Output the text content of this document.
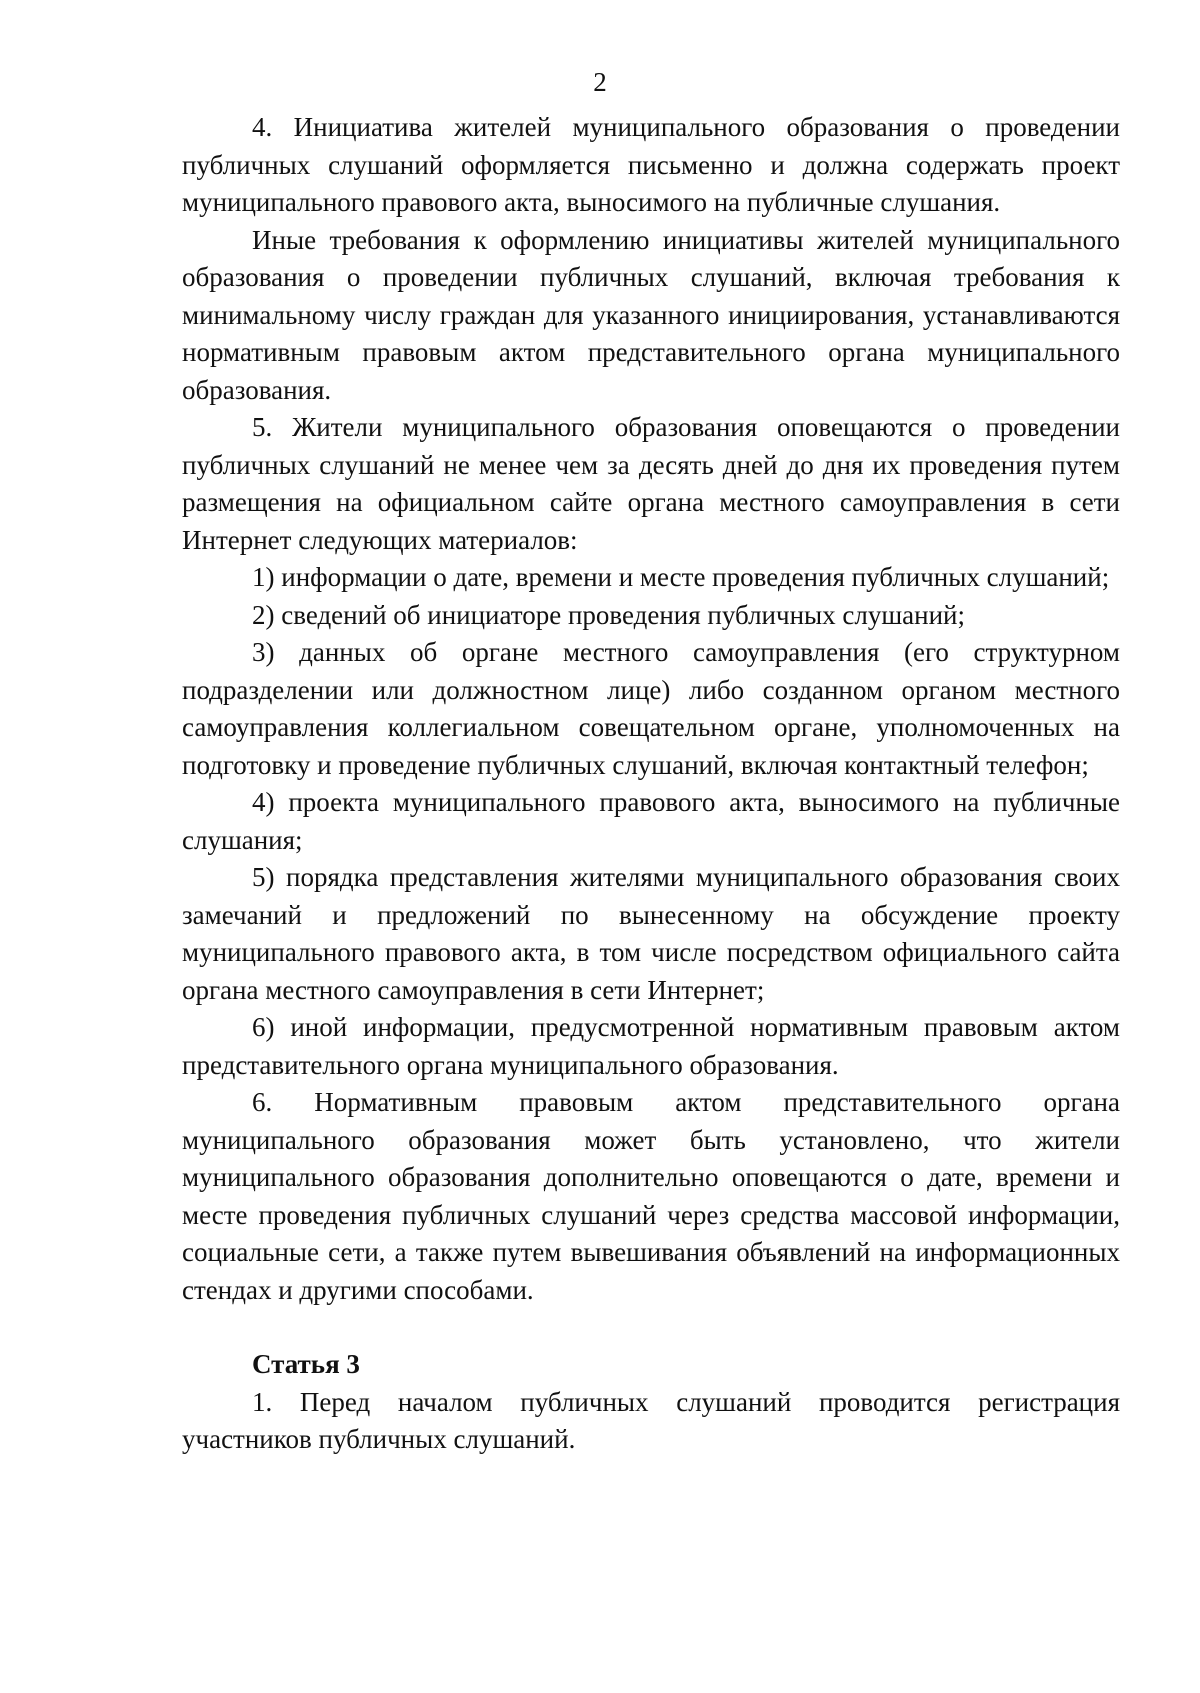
2

4. Инициатива жителей муниципального образования о проведении публичных слушаний оформляется письменно и должна содержать проект муниципального правового акта, выносимого на публичные слушания.

Иные требования к оформлению инициативы жителей муниципального образования о проведении публичных слушаний, включая требования к минимальному числу граждан для указанного инициирования, устанавливаются нормативным правовым актом представительного органа муниципального образования.

5. Жители муниципального образования оповещаются о проведении публичных слушаний не менее чем за десять дней до дня их проведения путем размещения на официальном сайте органа местного самоуправления в сети Интернет следующих материалов:

1) информации о дате, времени и месте проведения публичных слушаний;

2) сведений об инициаторе проведения публичных слушаний;

3) данных об органе местного самоуправления (его структурном подразделении или должностном лице) либо созданном органом местного самоуправления коллегиальном совещательном органе, уполномоченных на подготовку и проведение публичных слушаний, включая контактный телефон;

4) проекта муниципального правового акта, выносимого на публичные слушания;

5) порядка представления жителями муниципального образования своих замечаний и предложений по вынесенному на обсуждение проекту муниципального правового акта, в том числе посредством официального сайта органа местного самоуправления в сети Интернет;

6) иной информации, предусмотренной нормативным правовым актом представительного органа муниципального образования.

6. Нормативным правовым актом представительного органа муниципального образования может быть установлено, что жители муниципального образования дополнительно оповещаются о дате, времени и месте проведения публичных слушаний через средства массовой информации, социальные сети, а также путем вывешивания объявлений на информационных стендах и другими способами.

Статья 3

1. Перед началом публичных слушаний проводится регистрация участников публичных слушаний.
